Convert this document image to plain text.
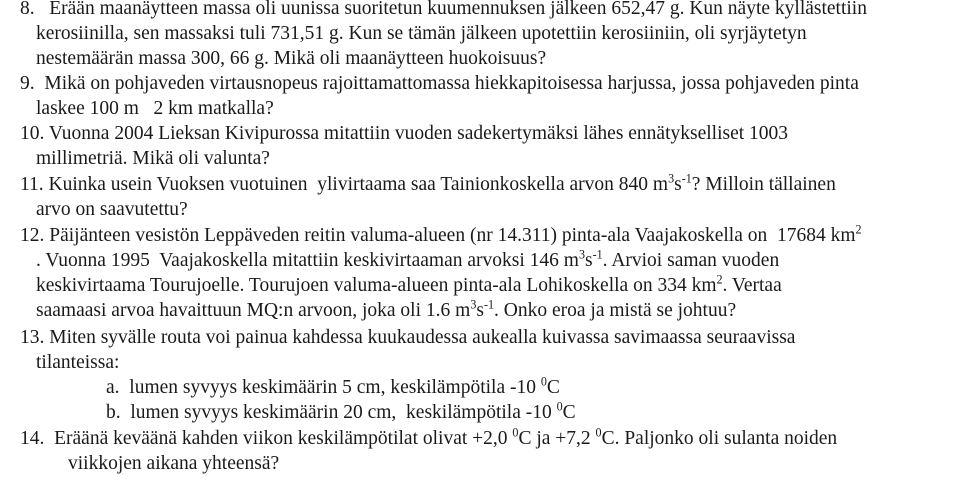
8.   Erään maanäytteen massa oli uunissa suoritetun kuumennuksen jälkeen 652,47 g. Kun näyte kyllästettiin
kerosiinilla, sen massaksi tuli 731,51 g. Kun se tämän jälkeen upotettiin kerosiiniin, oli syrjäytetyn
nestemäärän massa 300, 66 g. Mikä oli maanäytteen huokoisuus?
9.  Mikä on pohjaveden virtausnopeus rajoittamattomassa hiekkapitoisessa harjussa, jossa pohjaveden pinta
laskee 100 m   2 km matkalla?
10. Vuonna 2004 Lieksan Kivipurossa mitattiin vuoden sadekertymäksi lähes ennätykselliset 1003
millimetriä. Mikä oli valunta?
11. Kuinka usein Vuoksen vuotuinen  ylivirtaama saa Tainionkoskella arvon 840 $m^3s^{-1}$? Milloin tällainen
arvo on saavutettu?
12. Päijänteen vesistön Leppäveden reitin valuma-alueen (nr 14.311) pinta-ala Vaajakoskella on  17684 $km^2$
. Vuonna 1995  Vaajakoskella mitattiin keskivirtaaman arvoksi 146 $m^3s^{-1}$. Arvioi saman vuoden
keskivirtaama Tourujoelle. Tourujoen valuma-alueen pinta-ala Lohikoskella on 334 $km^2$. Vertaa
saamaasi arvoa havaittuun MQ:n arvoon, joka oli 1.6 $m^3s^{-1}$. Onko eroa ja mistä se johtuu?
13. Miten syvälle routa voi painua kahdessa kuukaudessa aukealla kuivassa savimaassa seuraavissa
tilanteissa:
a.  lumen syvyys keskimäärin 5 cm, keskilämpötila -10 $^0$C
b.  lumen syvyys keskimäärin 20 cm,  keskilämpötila -10 $^0$C
14.  Eräänä keväänä kahden viikon keskilämpötilat olivat +2,0 $^0$C ja +7,2 $^0$C. Paljonko oli sulanta noiden
viikkojen aikana yhteensä?
